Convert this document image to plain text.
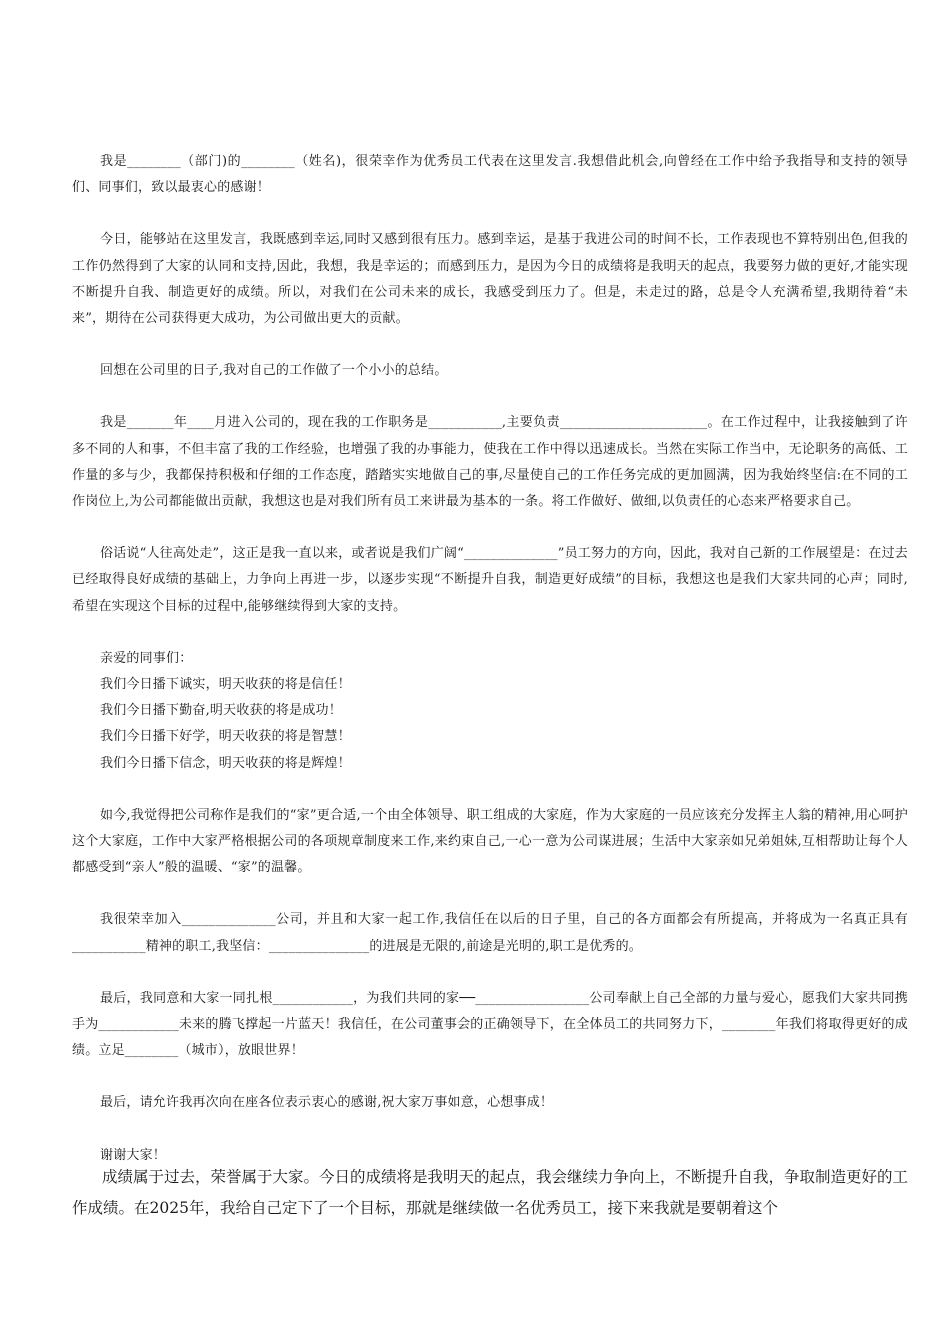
我是________（部门)的________（姓名)，很荣幸作为优秀员工代表在这里发言.我想借此机会,向曾经在工作中给予我指导和支持的领导们、同事们，致以最衷心的感谢！

今日，能够站在这里发言，我既感到幸运,同时又感到很有压力。感到幸运，是基于我进公司的时间不长，工作表现也不算特别出色,但我的工作仍然得到了大家的认同和支持,因此，我想，我是幸运的；而感到压力，是因为今日的成绩将是我明天的起点，我要努力做的更好,才能实现不断提升自我、制造更好的成绩。所以，对我们在公司未来的成长，我感受到压力了。但是，未走过的路，总是令人充满希望,我期待着“未来”，期待在公司获得更大成功，为公司做出更大的贡献。

回想在公司里的日子,我对自己的工作做了一个小小的总结。

我是_______年____月进入公司的，现在我的工作职务是___________,主要负责______________________。在工作过程中，让我接触到了许多不同的人和事，不但丰富了我的工作经验，也增强了我的办事能力，使我在工作中得以迅速成长。当然在实际工作当中，无论职务的高低、工作量的多与少，我都保持积极和仔细的工作态度，踏踏实实地做自己的事,尽量使自己的工作任务完成的更加圆满，因为我始终坚信:在不同的工作岗位上,为公司都能做出贡献，我想这也是对我们所有员工来讲最为基本的一条。将工作做好、做细,以负责任的心态来严格要求自己。

俗话说“人往高处走”，这正是我一直以来，或者说是我们广阔“______________”员工努力的方向，因此，我对自己新的工作展望是：在过去已经取得良好成绩的基础上，力争向上再进一步，以逐步实现“不断提升自我，制造更好成绩”的目标，我想这也是我们大家共同的心声；同时,希望在实现这个目标的过程中,能够继续得到大家的支持。

亲爱的同事们：
我们今日播下诚实，明天收获的将是信任！
我们今日播下勤奋,明天收获的将是成功！
我们今日播下好学，明天收获的将是智慧！
我们今日播下信念，明天收获的将是辉煌！

如今,我觉得把公司称作是我们的“家”更合适,一个由全体领导、职工组成的大家庭，作为大家庭的一员应该充分发挥主人翁的精神,用心呵护这个大家庭，工作中大家严格根据公司的各项规章制度来工作,来约束自己,一心一意为公司谋进展；生活中大家亲如兄弟姐妹,互相帮助让每个人都感受到“亲人”般的温暖、“家”的温馨。

我很荣幸加入______________公司，并且和大家一起工作,我信任在以后的日子里，自己的各方面都会有所提高，并将成为一名真正具有___________精神的职工,我坚信：_______________的进展是无限的,前途是光明的,职工是优秀的。

最后，我同意和大家一同扎根____________，为我们共同的家──_________________公司奉献上自己全部的力量与爱心，愿我们大家共同携手为____________未来的腾飞撑起一片蓝天！我信任，在公司董事会的正确领导下，在全体员工的共同努力下，________年我们将取得更好的成绩。立足________（城市），放眼世界！

最后，请允许我再次向在座各位表示衷心的感谢,祝大家万事如意，心想事成！

谢谢大家！

成绩属于过去，荣誉属于大家。今日的成绩将是我明天的起点，我会继续力争向上，不断提升自我，争取制造更好的工作成绩。在2025年，我给自己定下了一个目标，那就是继续做一名优秀员工，接下来我就是要朝着这个
